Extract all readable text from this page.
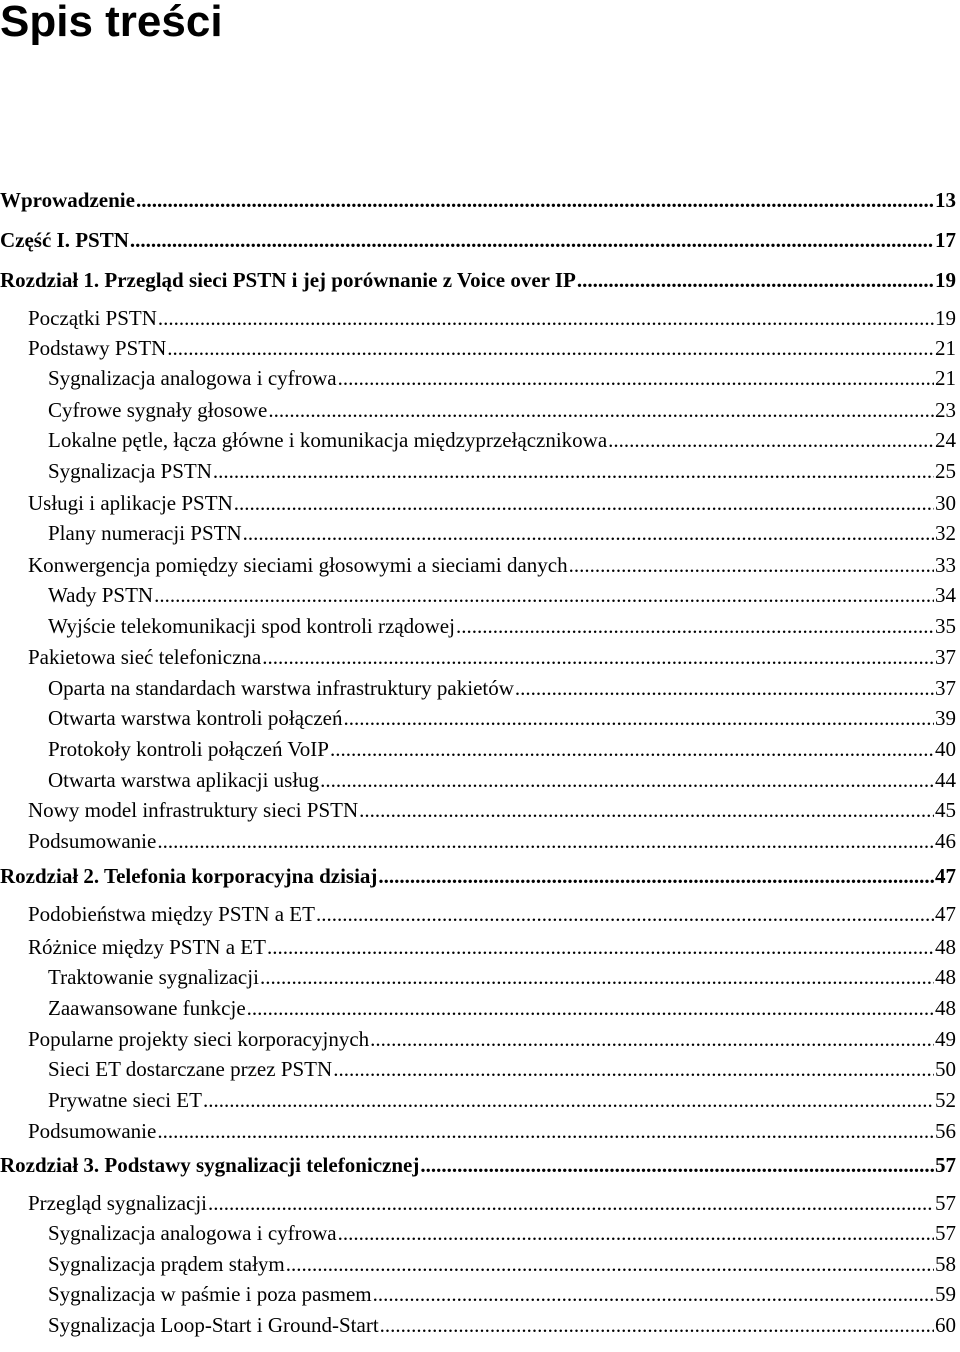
Spis treści
Wprowadzenie .....	13
Część I. PSTN .....	17
Rozdział 1. Przegląd sieci PSTN i jej porównanie z Voice over IP .....	19
Początki PSTN .....	19
Podstawy PSTN .....	21
Sygnalizacja analogowa i cyfrowa .....	21
Cyfrowe sygnały głosowe .....	23
Lokalne pętle, łącza główne i komunikacja międzyprzełącznikowa .....	24
Sygnalizacja PSTN .....	25
Usługi i aplikacje PSTN .....	30
Plany numeracji PSTN .....	32
Konwergencja pomiędzy sieciami głosowymi a sieciami danych .....	33
Wady PSTN .....	34
Wyjście telekomunikacji spod kontroli rządowej .....	35
Pakietowa sieć telefoniczna .....	37
Oparta na standardach warstwa infrastruktury pakietów .....	37
Otwarta warstwa kontroli połączeń .....	39
Protokoły kontroli połączeń VoIP .....	40
Otwarta warstwa aplikacji usług .....	44
Nowy model infrastruktury sieci PSTN .....	45
Podsumowanie .....	46
Rozdział 2. Telefonia korporacyjna dzisiaj .....	47
Podobieństwa między PSTN a ET .....	47
Różnice między PSTN a ET .....	48
Traktowanie sygnalizacji .....	48
Zaawansowane funkcje .....	48
Popularne projekty sieci korporacyjnych .....	49
Sieci ET dostarczane przez PSTN .....	50
Prywatne sieci ET .....	52
Podsumowanie .....	56
Rozdział 3. Podstawy sygnalizacji telefonicznej .....	57
Przegląd sygnalizacji .....	57
Sygnalizacja analogowa i cyfrowa .....	57
Sygnalizacja prądem stałym .....	58
Sygnalizacja w paśmie i poza pasmem .....	59
Sygnalizacja Loop-Start i Ground-Start .....	60
